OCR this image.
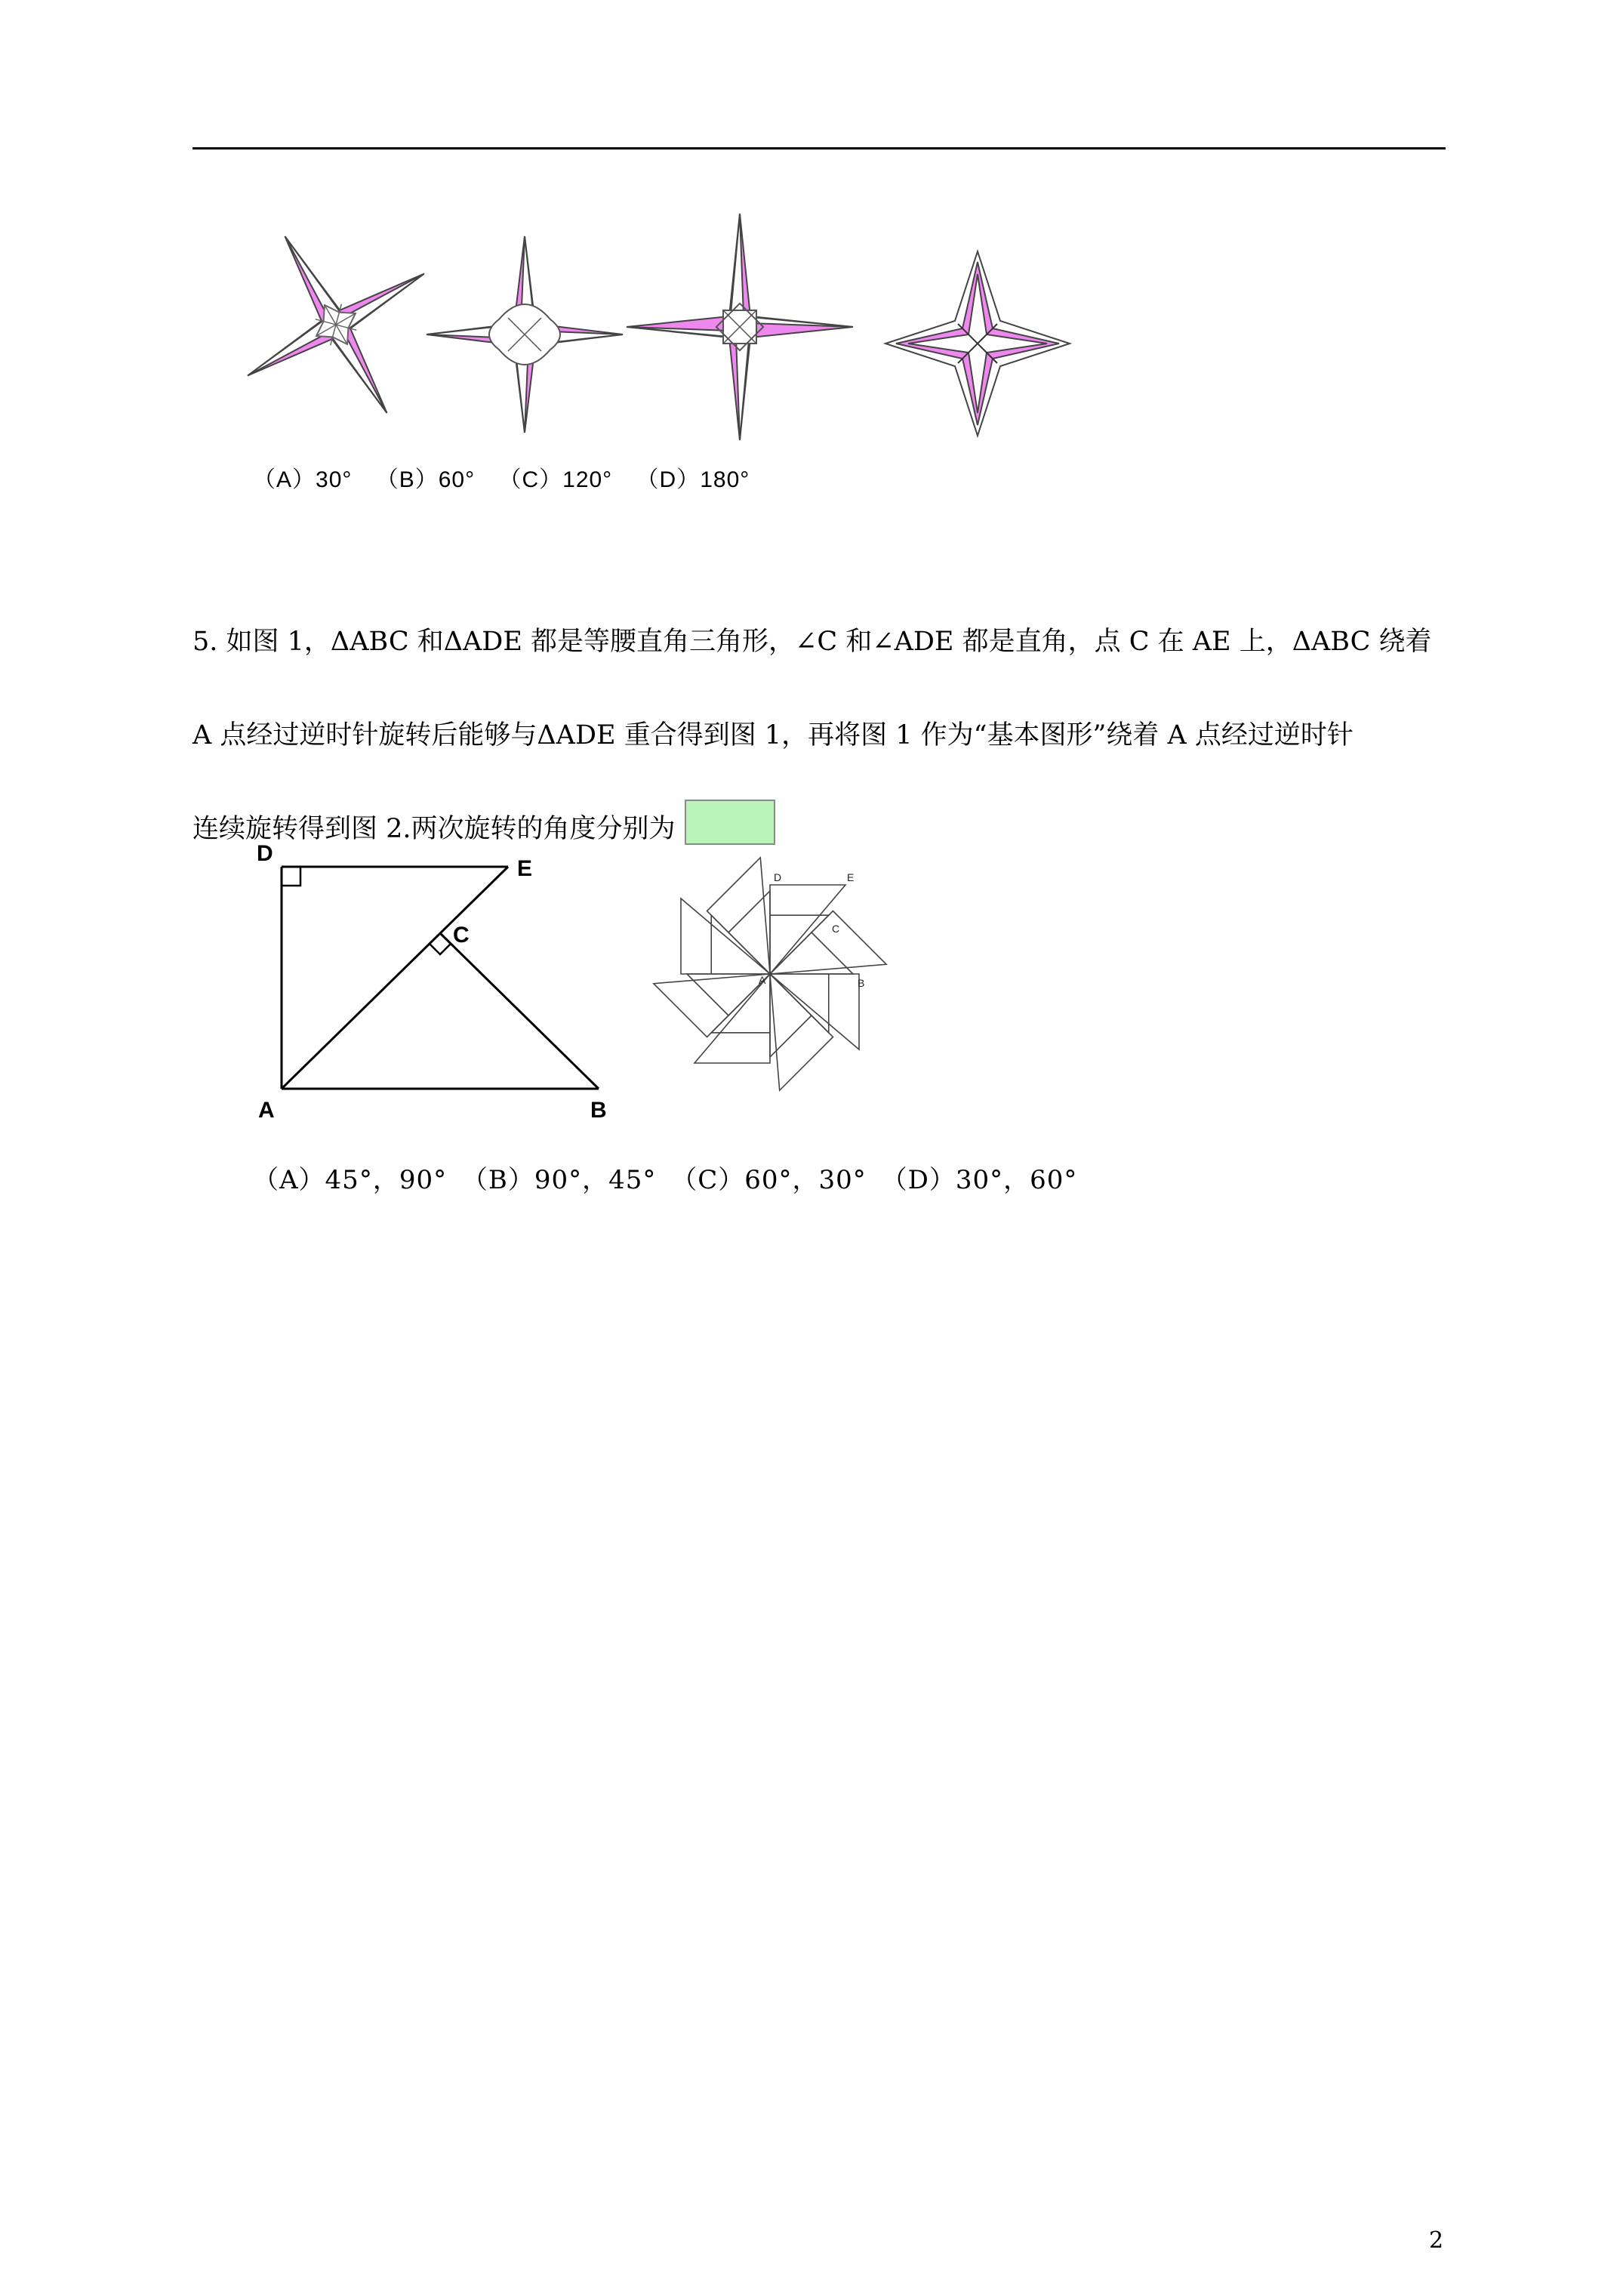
（A）30° （B）60° （C）120° （D）180°

5. 如图 1，ΔABC 和ΔADE 都是等腰直角三角形，∠C 和∠ADE 都是直角，点 C 在 AE 上，ΔABC 绕着

A 点经过逆时针旋转后能够与ΔADE 重合得到图 1，再将图 1 作为“基本图形”绕着 A 点经过逆时针

连续旋转得到图 2.两次旋转的角度分别为

D
E
C
A	B
D	E
C
A	B
（A）45°，90° （B）90°，45° （C）60°，30° （D）30°，60°
2
